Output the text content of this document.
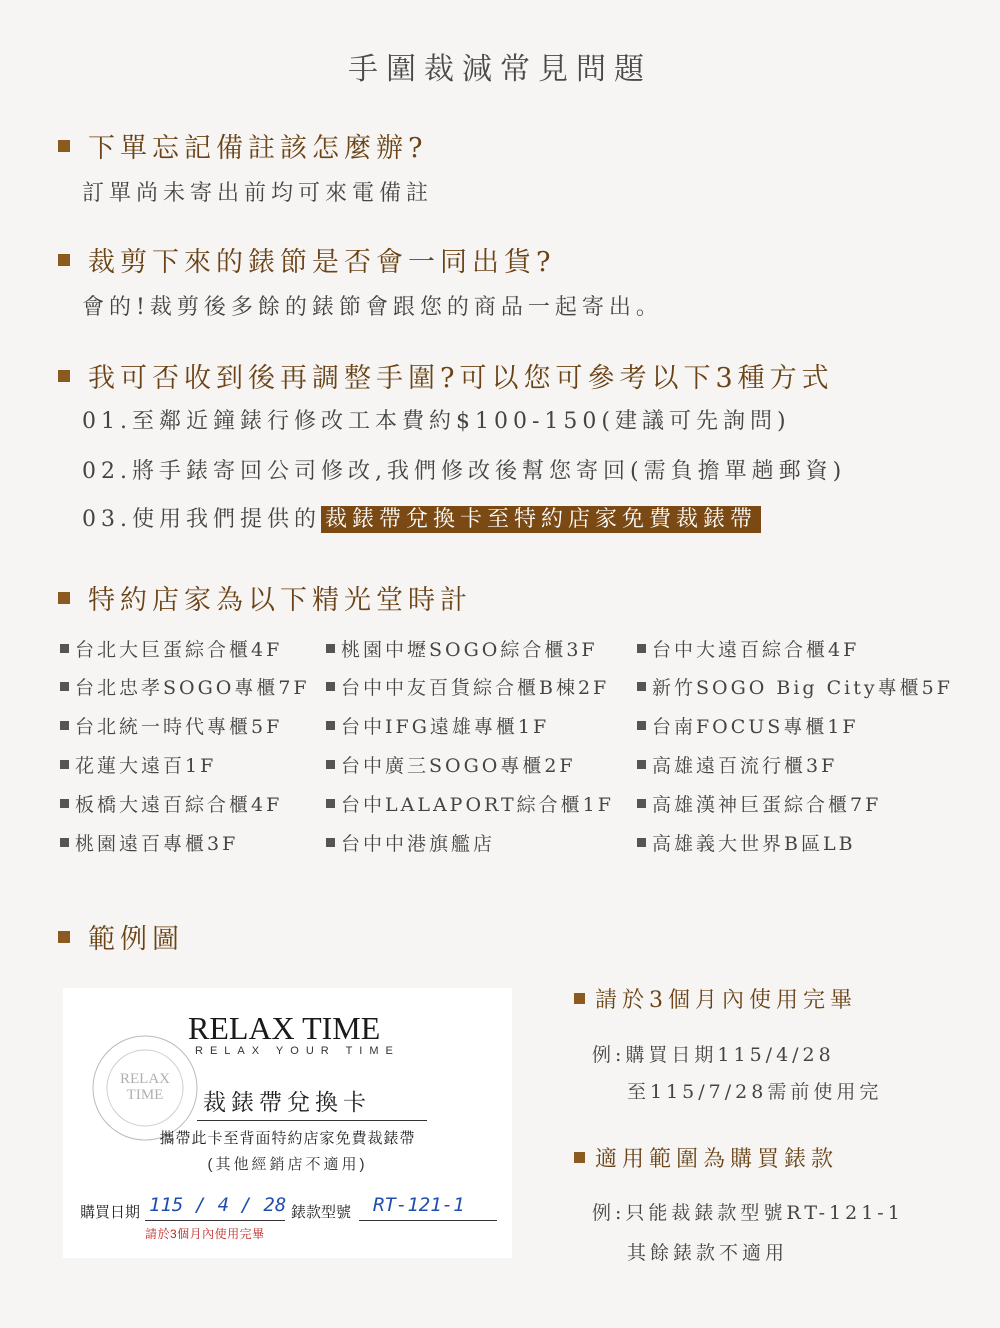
手圍裁減常見問題
下單忘記備註該怎麼辦?
訂單尚未寄出前均可來電備註
裁剪下來的錶節是否會一同出貨?
會的!裁剪後多餘的錶節會跟您的商品一起寄出。
我可否收到後再調整手圍?可以您可參考以下3種方式
01.至鄰近鐘錶行修改工本費約$100-150(建議可先詢問)
02.將手錶寄回公司修改,我們修改後幫您寄回(需負擔單趟郵資)
03.使用我們提供的 裁錶帶兌換卡至特約店家免費裁錶帶
特約店家為以下精光堂時計
台北大巨蛋綜合櫃4F
台北忠孝SOGO專櫃7F
台北統一時代專櫃5F
花蓮大遠百1F
板橋大遠百綜合櫃4F
桃園遠百專櫃3F
桃園中壢SOGO綜合櫃3F
台中中友百貨綜合櫃B棟2F
台中IFG遠雄專櫃1F
台中廣三SOGO專櫃2F
台中LALAPORT綜合櫃1F
台中中港旗艦店
台中大遠百綜合櫃4F
新竹SOGO Big City專櫃5F
台南FOCUS專櫃1F
高雄遠百流行櫃3F
高雄漢神巨蛋綜合櫃7F
高雄義大世界B區LB
範例圖
RELAX
TIME
RELAX TIME
RELAX YOUR TIME
裁錶帶兌換卡
攜帶此卡至背面特約店家免費裁錶帶
(其他經銷店不適用)
購買日期 115 / 4 / 28 錶款型號 RT-121-1
請於3個月內使用完畢
請於3個月內使用完畢
例:購買日期115/4/28
至115/7/28需前使用完
適用範圍為購買錶款
例:只能裁錶款型號RT-121-1
其餘錶款不適用
